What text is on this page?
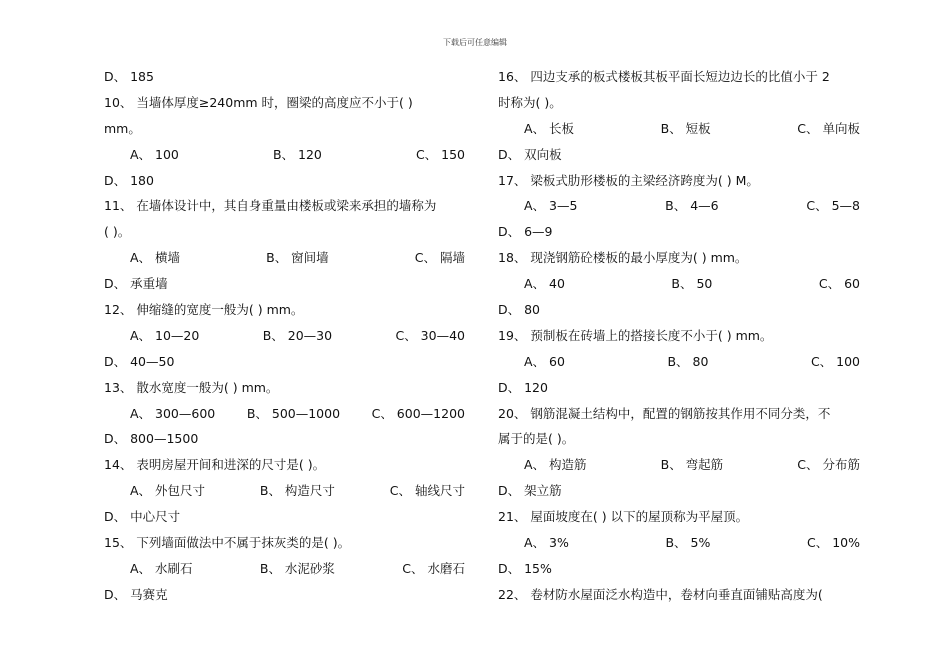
下载后可任意编辑
D、 185
10、 当墙体厚度≥240mm 时，圈梁的高度应不小于( )
mm。
A、 100	B、 120	C、 150
D、 180
11、 在墙体设计中，其自身重量由楼板或梁来承担的墙称为
( )。
A、 横墙	B、 窗间墙	C、 隔墙
D、 承重墙
12、 伸缩缝的宽度一般为( ) mm。
A、 10—20	B、 20—30	C、 30—40
D、 40—50
13、 散水宽度一般为( ) mm。
A、 300—600	B、 500—1000	C、 600—1200
D、 800—1500
14、 表明房屋开间和进深的尺寸是( )。
A、 外包尺寸	B、 构造尺寸	C、 轴线尺寸
D、 中心尺寸
15、 下列墙面做法中不属于抹灰类的是( )。
A、 水刷石	B、 水泥砂浆	C、 水磨石
D、 马赛克
16、 四边支承的板式楼板其板平面长短边边长的比值小于 2
时称为( )。
A、 长板	B、 短板	C、 单向板
D、 双向板
17、 梁板式肋形楼板的主梁经济跨度为( ) M。
A、 3—5	B、 4—6	C、 5—8
D、 6—9
18、 现浇钢筋砼楼板的最小厚度为( ) mm。
A、 40	B、 50	C、 60
D、 80
19、 预制板在砖墙上的搭接长度不小于( ) mm。
A、 60	B、 80	C、 100
D、 120
20、 钢筋混凝土结构中，配置的钢筋按其作用不同分类，不
属于的是( )。
A、 构造筋	B、 弯起筋	C、 分布筋
D、 架立筋
21、 屋面坡度在( ) 以下的屋顶称为平屋顶。
A、 3%	B、 5%	C、 10%
D、 15%
22、 卷材防水屋面泛水构造中，卷材向垂直面铺贴高度为(
